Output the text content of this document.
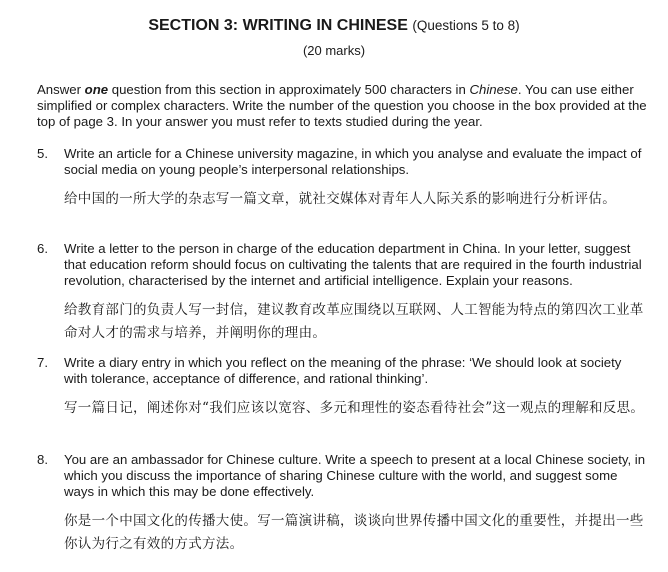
SECTION 3: WRITING IN CHINESE (Questions 5 to 8)
(20 marks)
Answer one question from this section in approximately 500 characters in Chinese. You can use either simplified or complex characters. Write the number of the question you choose in the box provided at the top of page 3. In your answer you must refer to texts studied during the year.
5. Write an article for a Chinese university magazine, in which you analyse and evaluate the impact of social media on young people’s interpersonal relationships.
给中国的一所大学的杂志写一篇文章，就社交媒体对青年人人际关系的影响进行分析评估。
6. Write a letter to the person in charge of the education department in China. In your letter, suggest that education reform should focus on cultivating the talents that are required in the fourth industrial revolution, characterised by the internet and artificial intelligence. Explain your reasons.
给教育部门的负责人写一封信，建议教育改革应围绕以互联网、人工智能为特点的第四次工业革命对人才的需求与培养，并阐明你的理由。
7. Write a diary entry in which you reflect on the meaning of the phrase: ‘We should look at society with tolerance, acceptance of difference, and rational thinking’.
写一篇日记，阐述你对“我们应该以宽容、多元和理性的姿态看待社会”这一观点的理解和反思。
8. You are an ambassador for Chinese culture. Write a speech to present at a local Chinese society, in which you discuss the importance of sharing Chinese culture with the world, and suggest some ways in which this may be done effectively.
你是一个中国文化的传播大使。写一篇演讲稿，谈谈向世界传播中国文化的重要性，并提出一些你认为行之有效的方式方法。
